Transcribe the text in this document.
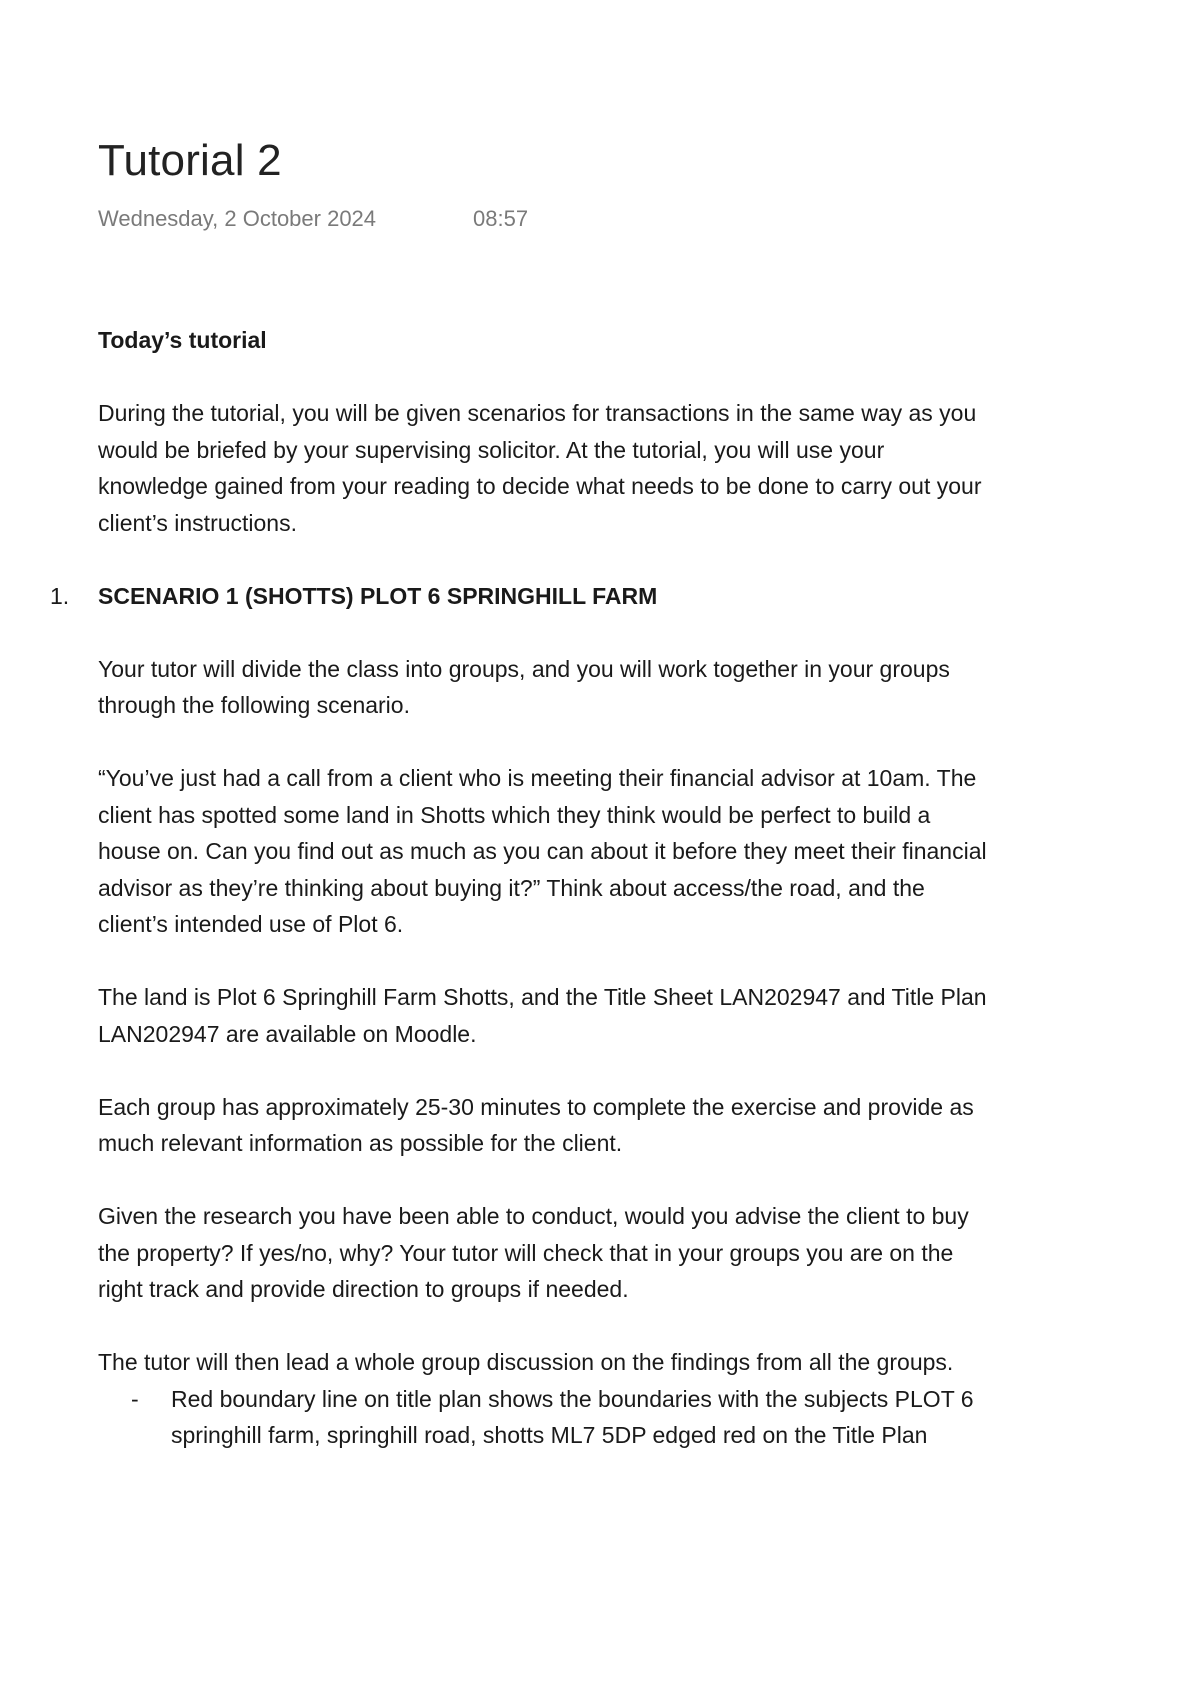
Tutorial 2
Wednesday, 2 October 2024	08:57

Today’s tutorial

During the tutorial, you will be given scenarios for transactions in the same way as you would be briefed by your supervising solicitor. At the tutorial, you will use your knowledge gained from your reading to decide what needs to be done to carry out your client’s instructions.

1. SCENARIO 1 (SHOTTS) PLOT 6 SPRINGHILL FARM

Your tutor will divide the class into groups, and you will work together in your groups through the following scenario.

“You’ve just had a call from a client who is meeting their financial advisor at 10am. The client has spotted some land in Shotts which they think would be perfect to build a house on. Can you find out as much as you can about it before they meet their financial advisor as they’re thinking about buying it?” Think about access/the road, and the client’s intended use of Plot 6.

The land is Plot 6 Springhill Farm Shotts, and the Title Sheet LAN202947 and Title Plan LAN202947 are available on Moodle.

Each group has approximately 25-30 minutes to complete the exercise and provide as much relevant information as possible for the client.

Given the research you have been able to conduct, would you advise the client to buy the property? If yes/no, why? Your tutor will check that in your groups you are on the right track and provide direction to groups if needed.

The tutor will then lead a whole group discussion on the findings from all the groups.

- Red boundary line on title plan shows the boundaries with the subjects PLOT 6 springhill farm, springhill road, shotts ML7 5DP edged red on the Title Plan
